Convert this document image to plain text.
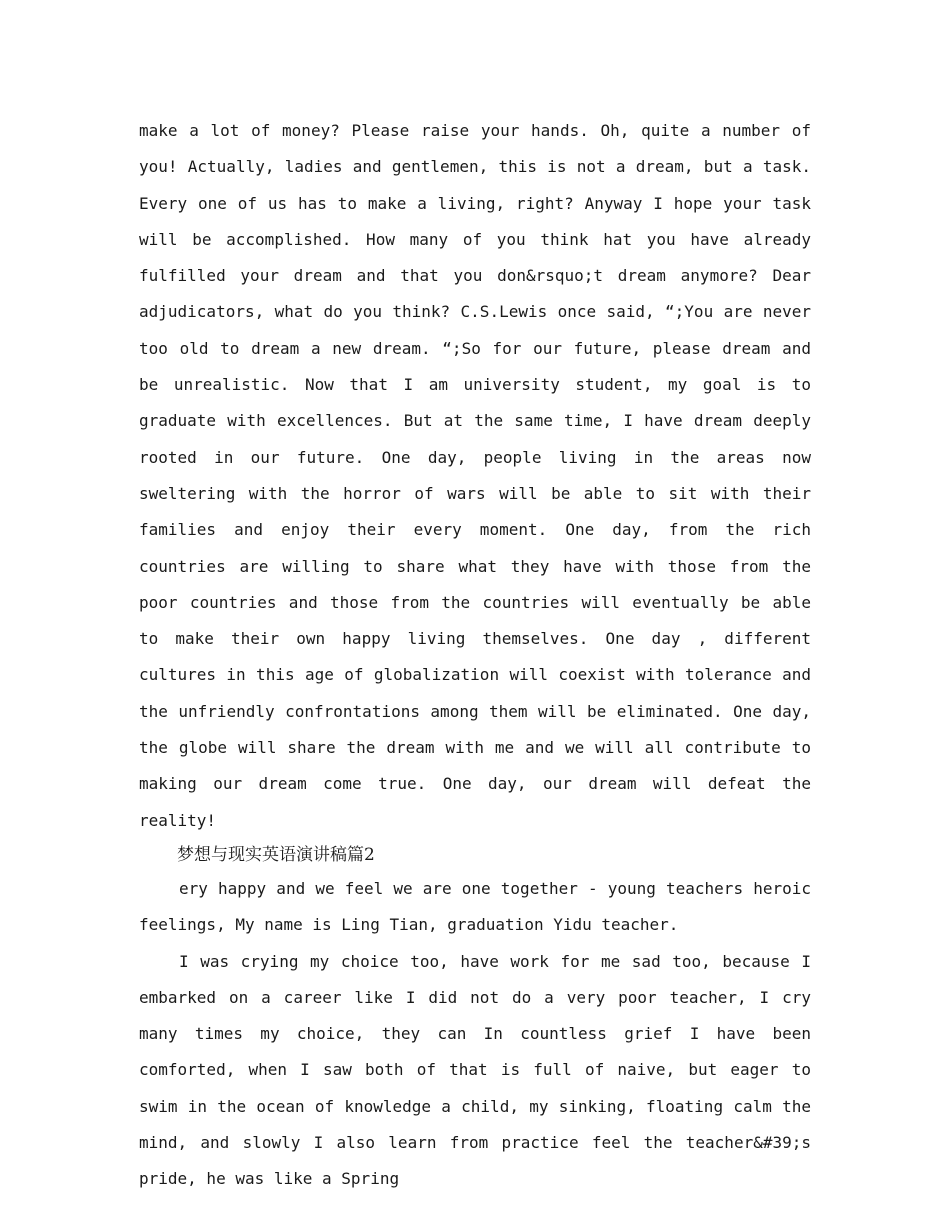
make a lot of money? Please raise your hands. Oh, quite a number of you! Actually, ladies and gentlemen, this is not a dream, but a task. Every one of us has to make a living, right? Anyway I hope your task will be accomplished. How many of you think hat you have already fulfilled your dream and that you don&rsquo;t dream anymore? Dear adjudicators, what do you think? C.S.Lewis once said, “;You are never too old to dream a new dream. “;So for our future, please dream and be unrealistic. Now that I am university student, my goal is to graduate with excellences. But at the same time, I have dream deeply rooted in our future. One day, people living in the areas now sweltering with the horror of wars will be able to sit with their families and enjoy their every moment. One day, from the rich countries are willing to share what they have with those from the poor countries and those from the countries will eventually be able to make their own happy living themselves. One day , different cultures in this age of globalization will coexist with tolerance and the unfriendly confrontations among them will be eliminated. One day, the globe will share the dream with me and we will all contribute to making our dream come true. One day, our dream will defeat the reality!

梦想与现实英语演讲稿篇2

ery happy and we feel we are one together - young teachers heroic feelings, My name is Ling Tian, graduation Yidu teacher.

I was crying my choice too, have work for me sad too, because I embarked on a career like I did not do a very poor teacher, I cry many times my choice, they can In countless grief I have been comforted, when I saw both of that is full of naive, but eager to swim in the ocean of knowledge a child, my sinking, floating calm the mind, and slowly I also learn from practice feel the teacher&#39;s pride, he was like a Spring
